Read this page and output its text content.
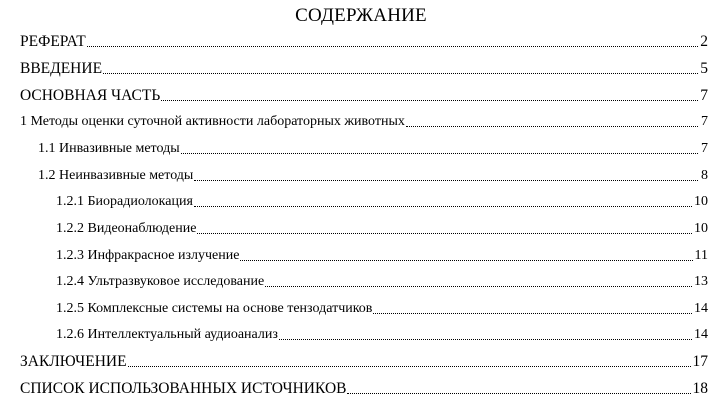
СОДЕРЖАНИЕ
РЕФЕРАТ	2
ВВЕДЕНИЕ	5
ОСНОВНАЯ ЧАСТЬ	7
1 Методы оценки суточной активности лабораторных животных	7
1.1 Инвазивные методы	7
1.2 Неинвазивные методы	8
1.2.1 Биорадиолокация	10
1.2.2 Видеонаблюдение	10
1.2.3 Инфракрасное излучение	11
1.2.4 Ультразвуковое исследование	13
1.2.5 Комплексные системы на основе тензодатчиков	14
1.2.6 Интеллектуальный аудиоанализ	14
ЗАКЛЮЧЕНИЕ	17
СПИСОК ИСПОЛЬЗОВАННЫХ ИСТОЧНИКОВ	18
